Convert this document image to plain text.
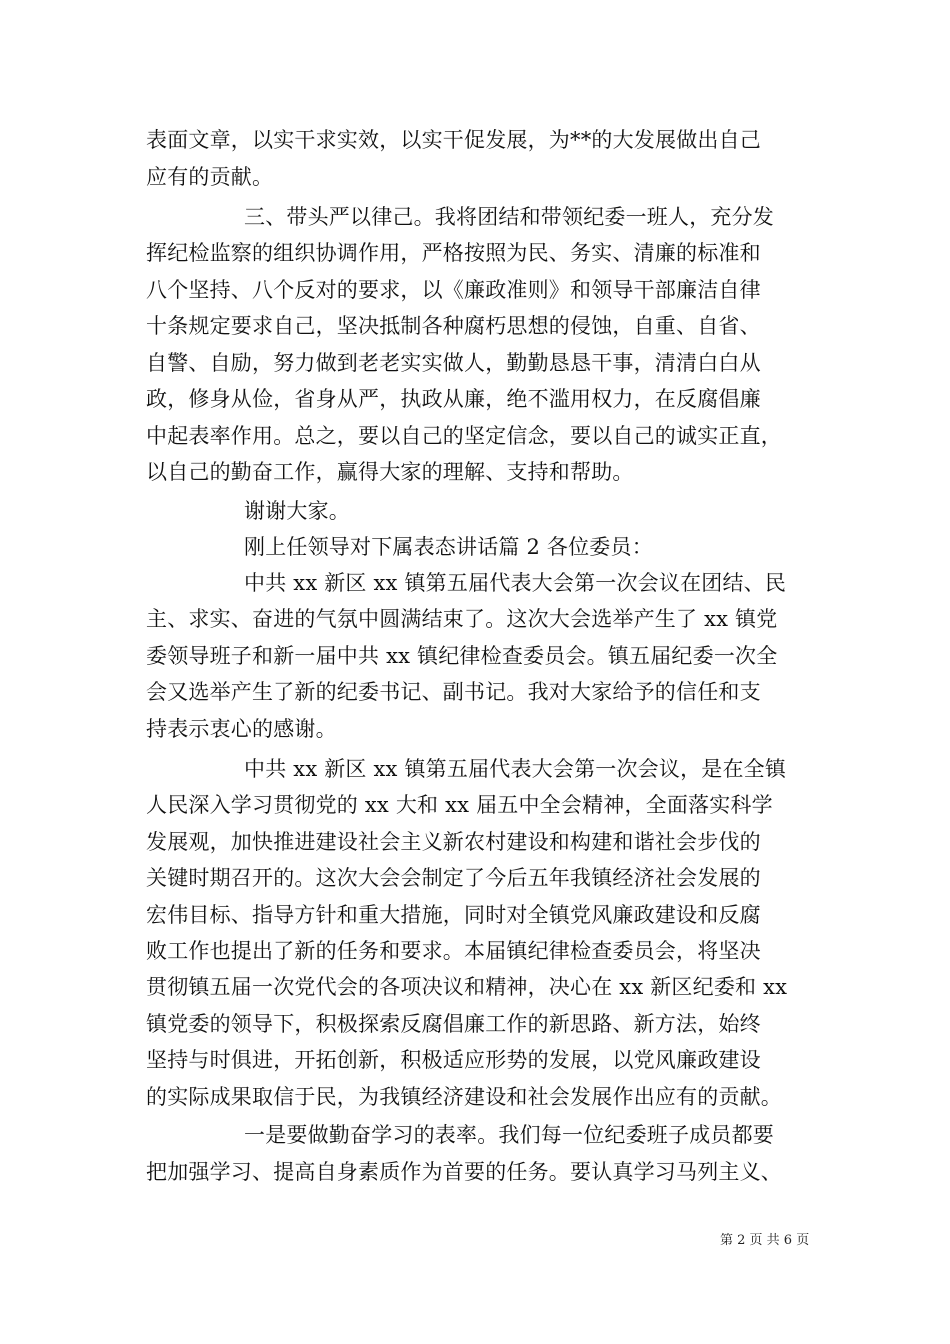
表面文章，以实干求实效，以实干促发展，为**的大发展做出自己
应有的贡献。
三、带头严以律己。我将团结和带领纪委一班人，充分发
挥纪检监察的组织协调作用，严格按照为民、务实、清廉的标准和
八个坚持、八个反对的要求，以《廉政准则》和领导干部廉洁自律
十条规定要求自己，坚决抵制各种腐朽思想的侵蚀，自重、自省、
自警、自励，努力做到老老实实做人，勤勤恳恳干事，清清白白从
政，修身从俭，省身从严，执政从廉，绝不滥用权力，在反腐倡廉
中起表率作用。总之，要以自己的坚定信念，要以自己的诚实正直，
以自己的勤奋工作，赢得大家的理解、支持和帮助。
谢谢大家。
刚上任领导对下属表态讲话篇 2 各位委员：
中共 xx 新区 xx 镇第五届代表大会第一次会议在团结、民
主、求实、奋进的气氛中圆满结束了。这次大会选举产生了 xx 镇党
委领导班子和新一届中共 xx 镇纪律检查委员会。镇五届纪委一次全
会又选举产生了新的纪委书记、副书记。我对大家给予的信任和支
持表示衷心的感谢。
中共 xx 新区 xx 镇第五届代表大会第一次会议，是在全镇
人民深入学习贯彻党的 xx 大和 xx 届五中全会精神，全面落实科学
发展观，加快推进建设社会主义新农村建设和构建和谐社会步伐的
关键时期召开的。这次大会会制定了今后五年我镇经济社会发展的
宏伟目标、指导方针和重大措施，同时对全镇党风廉政建设和反腐
败工作也提出了新的任务和要求。本届镇纪律检查委员会，将坚决
贯彻镇五届一次党代会的各项决议和精神，决心在 xx 新区纪委和 xx
镇党委的领导下，积极探索反腐倡廉工作的新思路、新方法，始终
坚持与时俱进，开拓创新，积极适应形势的发展，以党风廉政建设
的实际成果取信于民，为我镇经济建设和社会发展作出应有的贡献。
一是要做勤奋学习的表率。我们每一位纪委班子成员都要
把加强学习、提高自身素质作为首要的任务。要认真学习马列主义、
第 2 页 共 6 页
